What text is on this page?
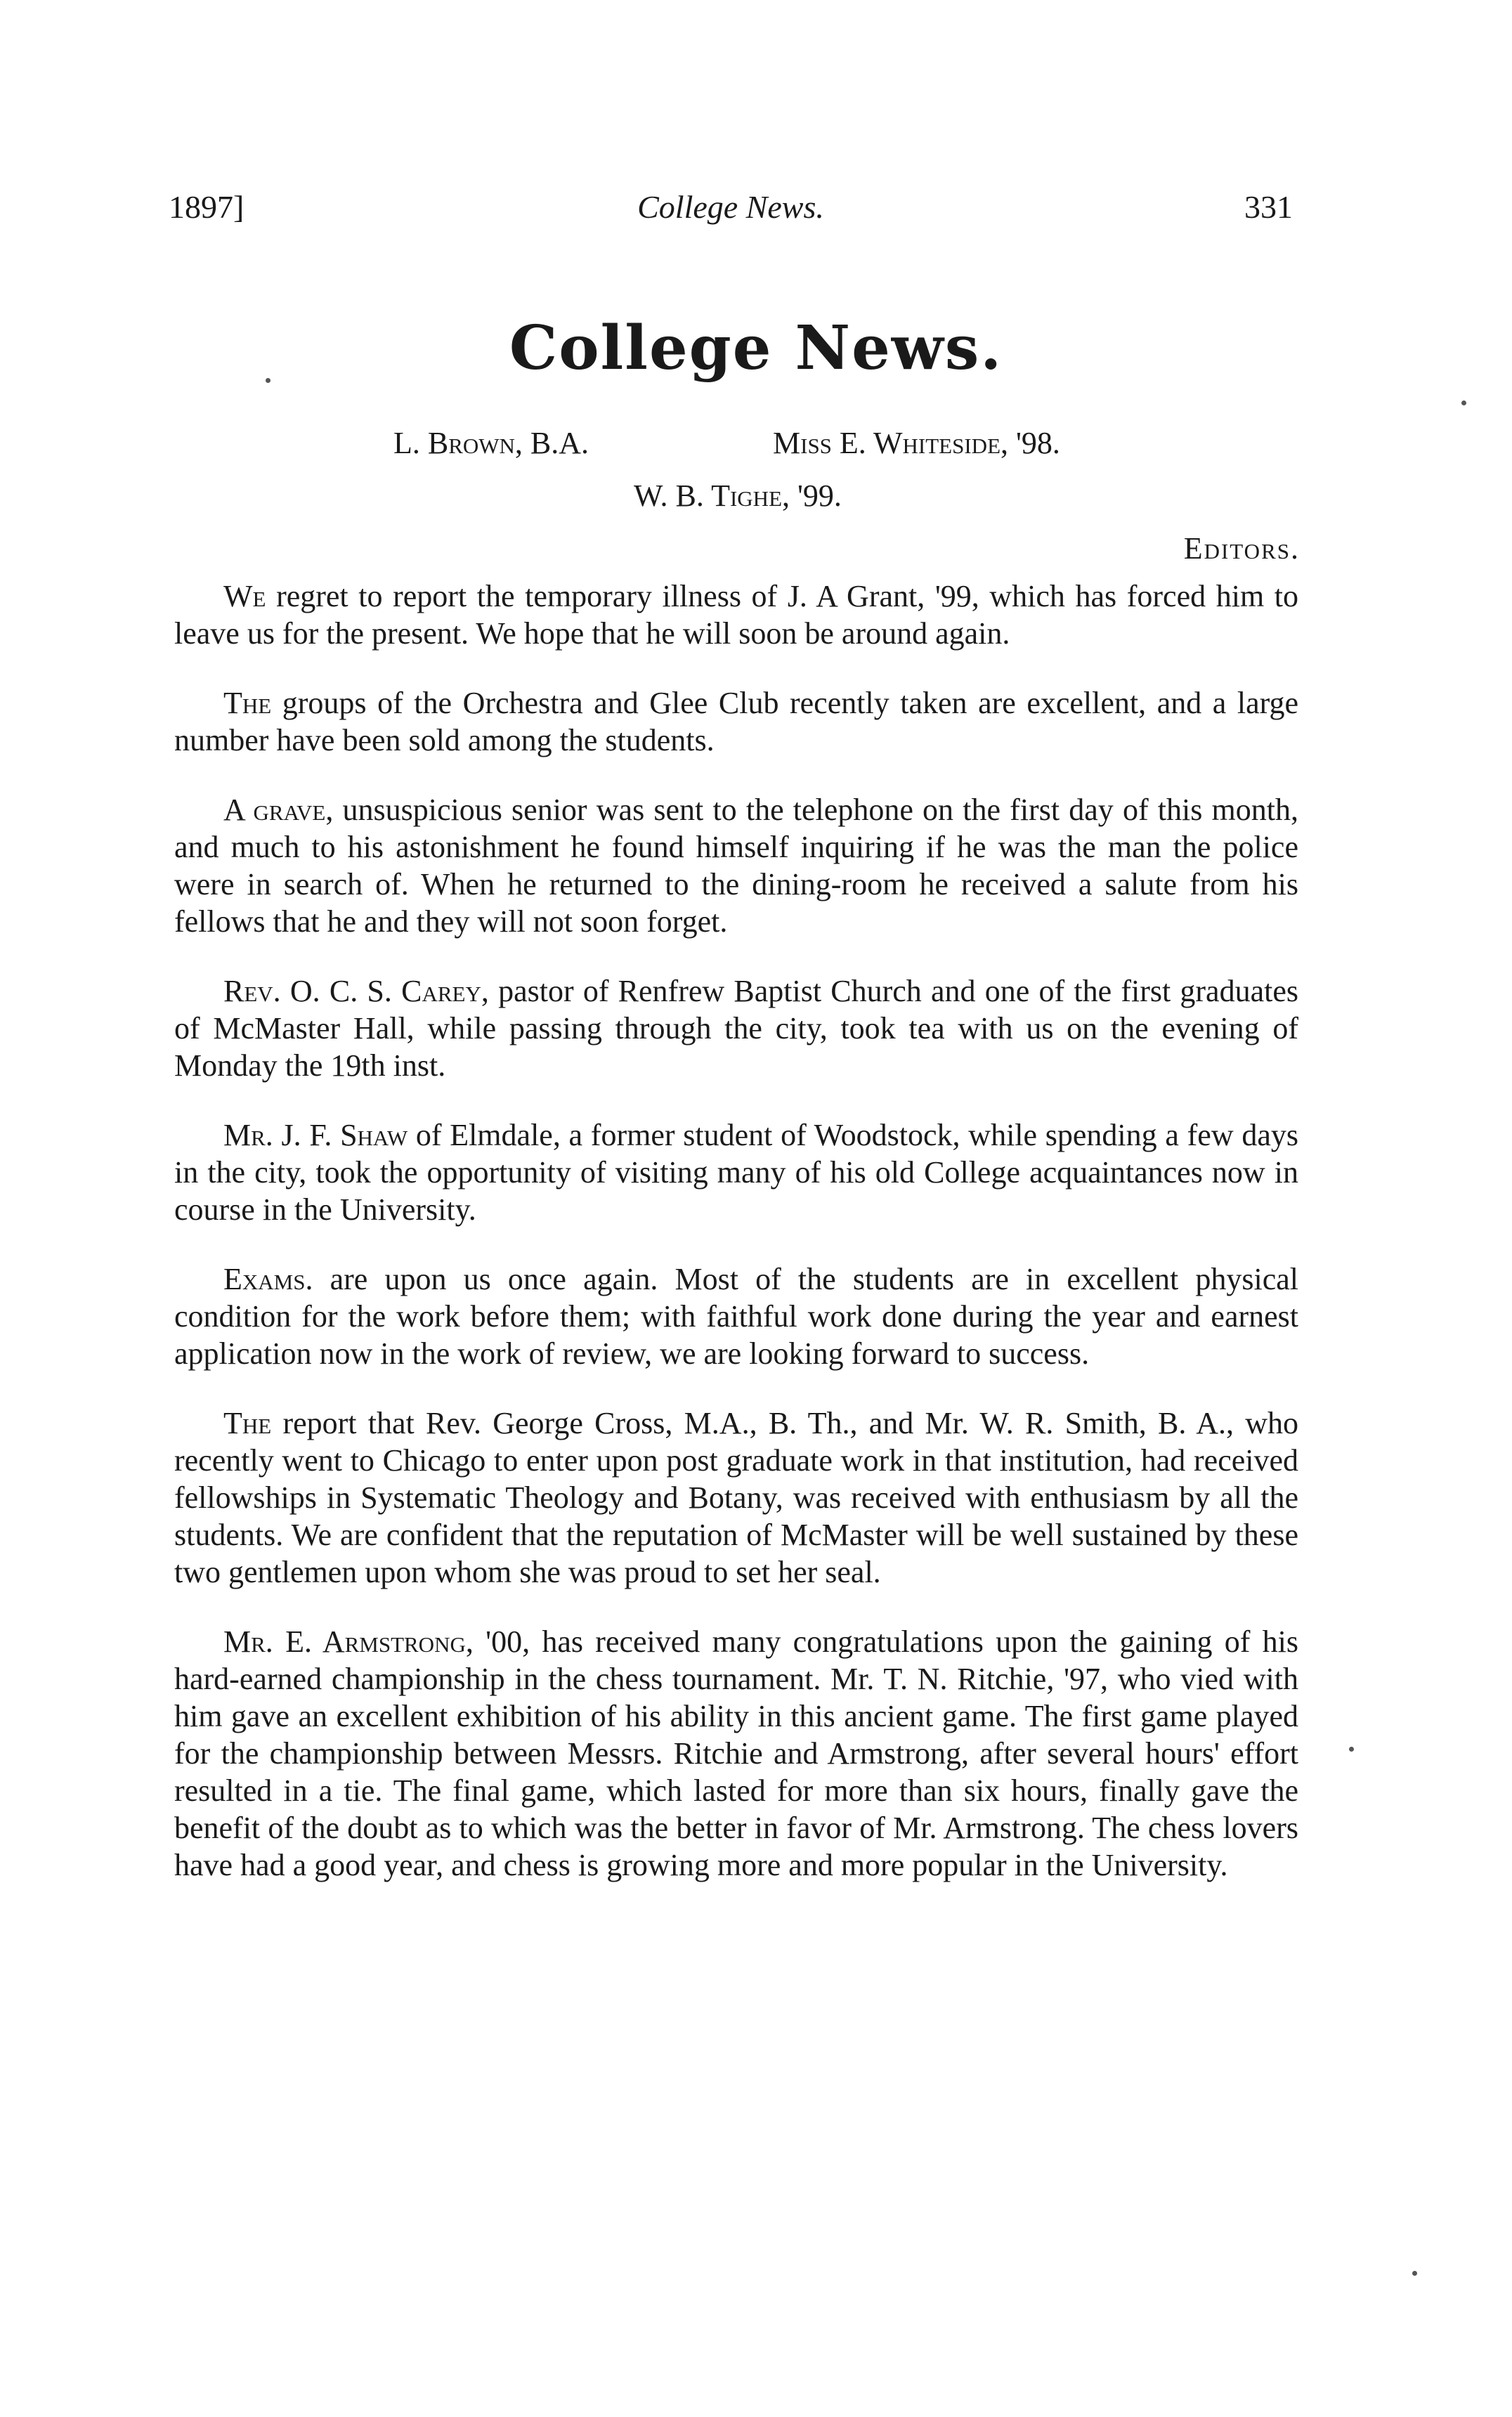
1897]	College News.	331
College News.
L. Brown, B.A.	Miss E. Whiteside, '98.
W. B. Tighe, '99.
Editors.

We regret to report the temporary illness of J. A Grant, '99, which has forced him to leave us for the present. We hope that he will soon be around again.

The groups of the Orchestra and Glee Club recently taken are excellent, and a large number have been sold among the students.

A grave, unsuspicious senior was sent to the telephone on the first day of this month, and much to his astonishment he found himself inquiring if he was the man the police were in search of. When he returned to the dining-room he received a salute from his fellows that he and they will not soon forget.

Rev. O. C. S. Carey, pastor of Renfrew Baptist Church and one of the first graduates of McMaster Hall, while passing through the city, took tea with us on the evening of Monday the 19th inst.

Mr. J. F. Shaw of Elmdale, a former student of Woodstock, while spending a few days in the city, took the opportunity of visiting many of his old College acquaintances now in course in the University.

Exams. are upon us once again. Most of the students are in excellent physical condition for the work before them; with faithful work done during the year and earnest application now in the work of review, we are looking forward to success.

The report that Rev. George Cross, M.A., B. Th., and Mr. W. R. Smith, B. A., who recently went to Chicago to enter upon post graduate work in that institution, had received fellowships in Systematic Theology and Botany, was received with enthusiasm by all the students. We are confident that the reputation of McMaster will be well sustained by these two gentlemen upon whom she was proud to set her seal.

Mr. E. Armstrong, '00, has received many congratulations upon the gaining of his hard-earned championship in the chess tournament. Mr. T. N. Ritchie, '97, who vied with him gave an excellent exhibition of his ability in this ancient game. The first game played for the championship between Messrs. Ritchie and Armstrong, after several hours' effort resulted in a tie. The final game, which lasted for more than six hours, finally gave the benefit of the doubt as to which was the better in favor of Mr. Armstrong. The chess lovers have had a good year, and chess is growing more and more popular in the University.
